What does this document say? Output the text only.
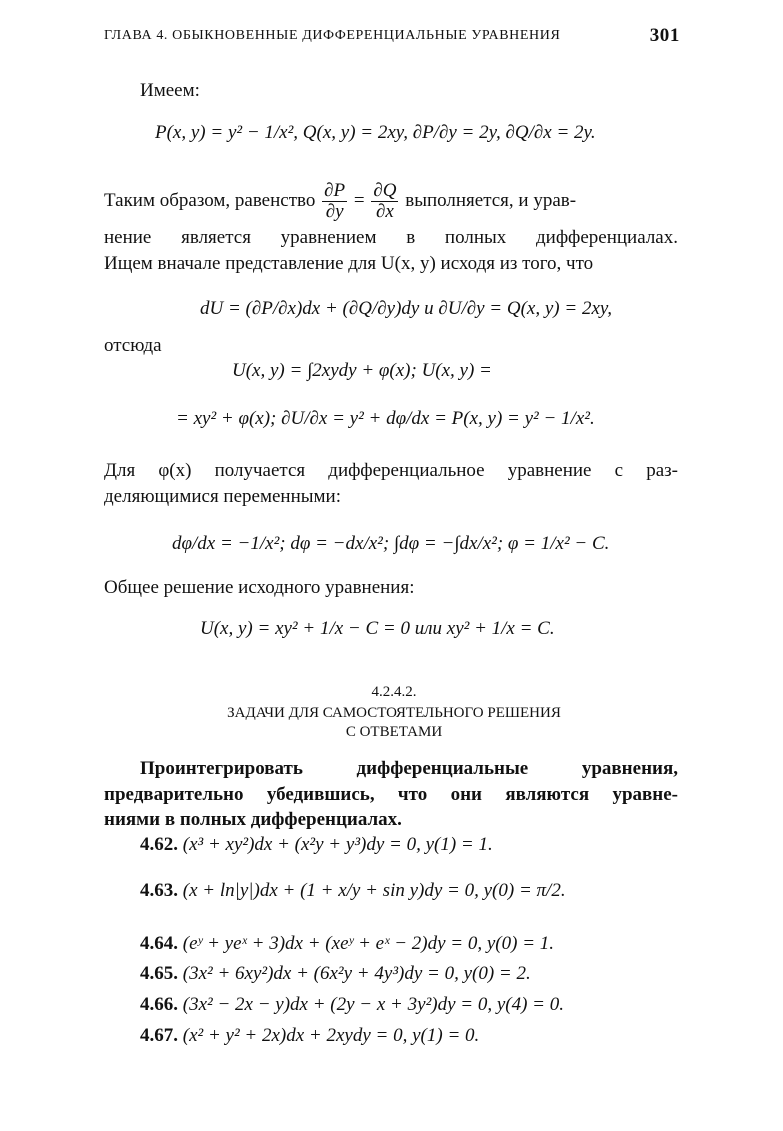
ГЛАВА 4. ОБЫКНОВЕННЫЕ ДИФФЕРЕНЦИАЛЬНЫЕ УРАВНЕНИЯ	301
Имеем:
P(x, y) = y² − 1/x², Q(x, y) = 2xy, ∂P/∂y = 2y, ∂Q/∂x = 2y.
Таким образом, равенство $\frac{\partial P}{\partial y} = \frac{\partial Q}{\partial x}$ выполняется, и урав-
нение является уравнением в полных дифференциалах.
Ищем вначале представление для U(x, y) исходя из того, что
dU = (∂P/∂x)dx + (∂Q/∂y)dy и ∂U/∂y = Q(x, y) = 2xy,
отсюда
U(x, y) = ∫2xydy + φ(x); U(x, y) =
= xy² + φ(x); ∂U/∂x = y² + dφ/dx = P(x, y) = y² − 1/x².
Для φ(x) получается дифференциальное уравнение с раз-
деляющимися переменными:
dφ/dx = −1/x²; dφ = −dx/x²; ∫dφ = −∫dx/x²; φ = 1/x² − C.
Общее решение исходного уравнения:
U(x, y) = xy² + 1/x − C = 0 или xy² + 1/x = C.
4.2.4.2.
ЗАДАЧИ ДЛЯ САМОСТОЯТЕЛЬНОГО РЕШЕНИЯ
С ОТВЕТАМИ
Проинтегрировать дифференциальные уравнения,
предварительно убедившись, что они являются уравне-
ниями в полных дифференциалах.
4.62. (x³ + xy²)dx + (x²y + y³)dy = 0, y(1) = 1.
4.63. (x + ln|y|)dx + (1 + x/y + sin y)dy = 0, y(0) = π/2.
4.64. (eʸ + yeˣ + 3)dx + (xeʸ + eˣ − 2)dy = 0, y(0) = 1.
4.65. (3x² + 6xy²)dx + (6x²y + 4y³)dy = 0, y(0) = 2.
4.66. (3x² − 2x − y)dx + (2y − x + 3y²)dy = 0, y(4) = 0.
4.67. (x² + y² + 2x)dx + 2xydy = 0, y(1) = 0.
